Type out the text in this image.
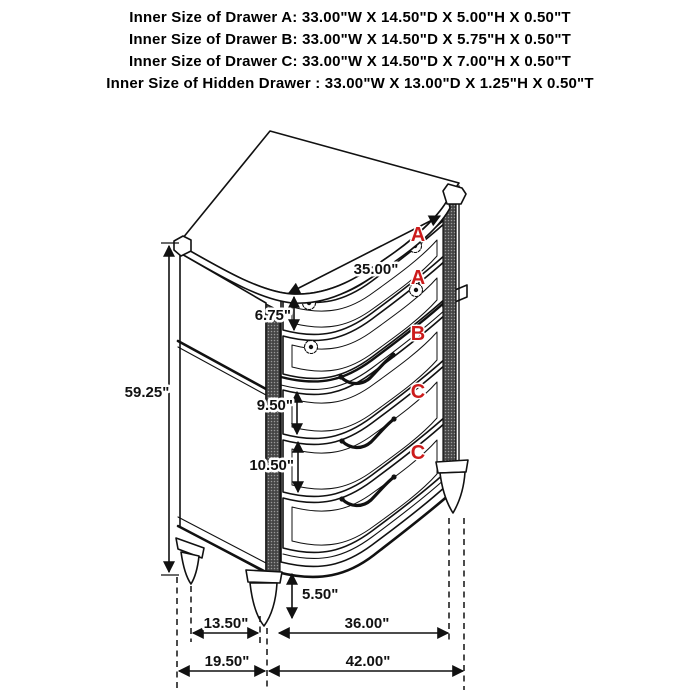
Inner Size of Drawer A: 33.00"W X 14.50"D X 5.00"H X 0.50"T
Inner Size of Drawer B: 33.00"W X 14.50"D X 5.75"H X 0.50"T
Inner Size of Drawer C: 33.00"W X 14.50"D X 7.00"H X 0.50"T
Inner Size of Hidden Drawer : 33.00"W X 13.00"D X 1.25"H X 0.50"T
A
A
B
C
C
59.25"
35.00"
6.75"
9.50"
10.50"
5.50"
13.50"	36.00"
19.50"	42.00"
